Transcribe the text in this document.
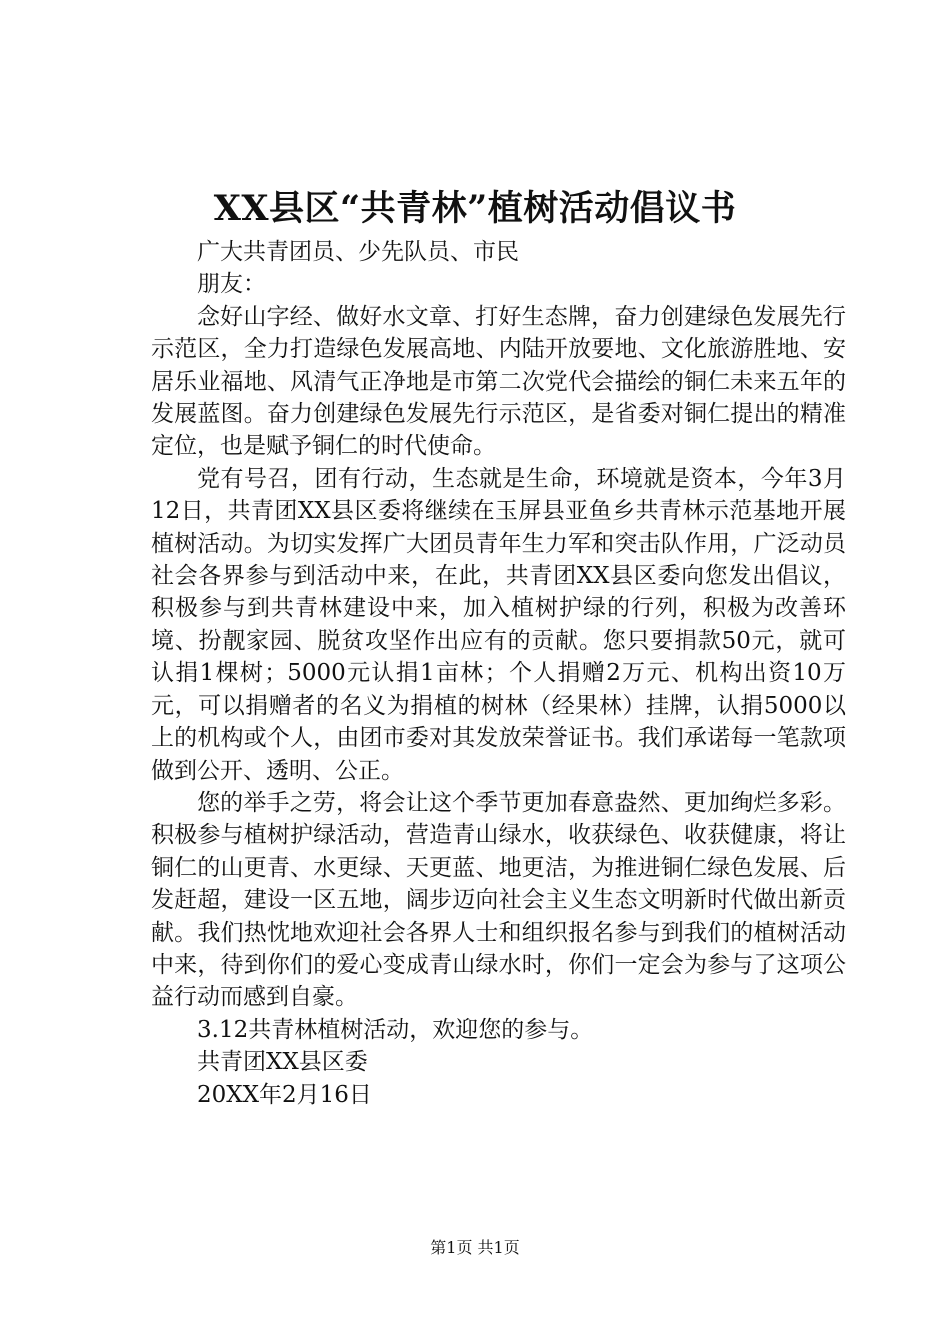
XX县区“共青林”植树活动倡议书

广大共青团员、少先队员、市民

朋友：

念好山字经、做好水文章、打好生态牌，奋力创建绿色发展先行示范区，全力打造绿色发展高地、内陆开放要地、文化旅游胜地、安居乐业福地、风清气正净地是市第二次党代会描绘的铜仁未来五年的发展蓝图。奋力创建绿色发展先行示范区，是省委对铜仁提出的精准定位，也是赋予铜仁的时代使命。

党有号召，团有行动，生态就是生命，环境就是资本，今年3月12日，共青团XX县区委将继续在玉屏县亚鱼乡共青林示范基地开展植树活动。为切实发挥广大团员青年生力军和突击队作用，广泛动员社会各界参与到活动中来，在此，共青团XX县区委向您发出倡议，积极参与到共青林建设中来，加入植树护绿的行列，积极为改善环境、扮靓家园、脱贫攻坚作出应有的贡献。您只要捐款50元，就可认捐1棵树；5000元认捐1亩林；个人捐赠2万元、机构出资10万元，可以捐赠者的名义为捐植的树林（经果林）挂牌，认捐5000以上的机构或个人，由团市委对其发放荣誉证书。我们承诺每一笔款项做到公开、透明、公正。

您的举手之劳，将会让这个季节更加春意盎然、更加绚烂多彩。积极参与植树护绿活动，营造青山绿水，收获绿色、收获健康，将让铜仁的山更青、水更绿、天更蓝、地更洁，为推进铜仁绿色发展、后发赶超，建设一区五地，阔步迈向社会主义生态文明新时代做出新贡献。我们热忱地欢迎社会各界人士和组织报名参与到我们的植树活动中来，待到你们的爱心变成青山绿水时，你们一定会为参与了这项公益行动而感到自豪。

3.12共青林植树活动，欢迎您的参与。

共青团XX县区委

20XX年2月16日

第1页 共1页
